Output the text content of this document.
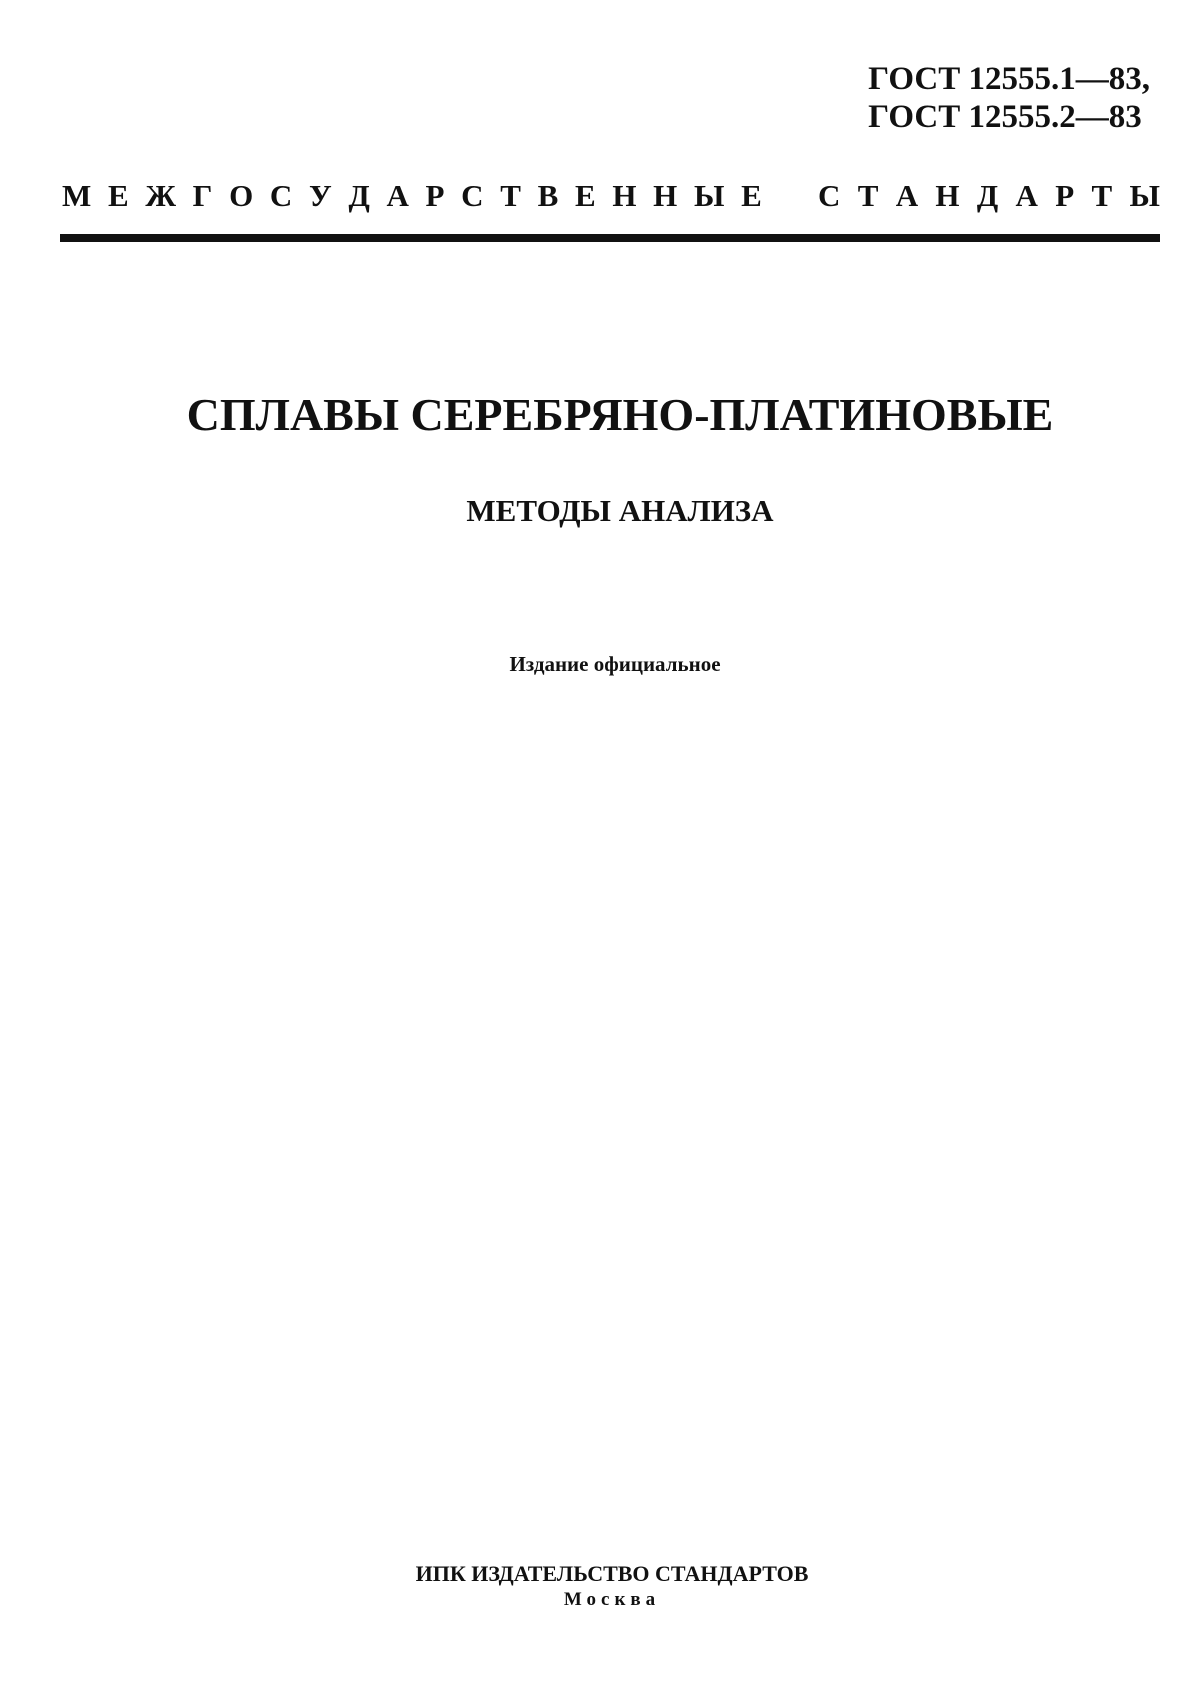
ГОСТ 12555.1—83,
ГОСТ 12555.2—83
М Е Ж Г О С У Д А Р С Т В Е Н Н Ы Е С Т А Н Д А Р Т Ы
СПЛАВЫ СЕРЕБРЯНО-ПЛАТИНОВЫЕ
МЕТОДЫ АНАЛИЗА
Издание официальное
ИПК ИЗДАТЕЛЬСТВО СТАНДАРТОВ
Москва
